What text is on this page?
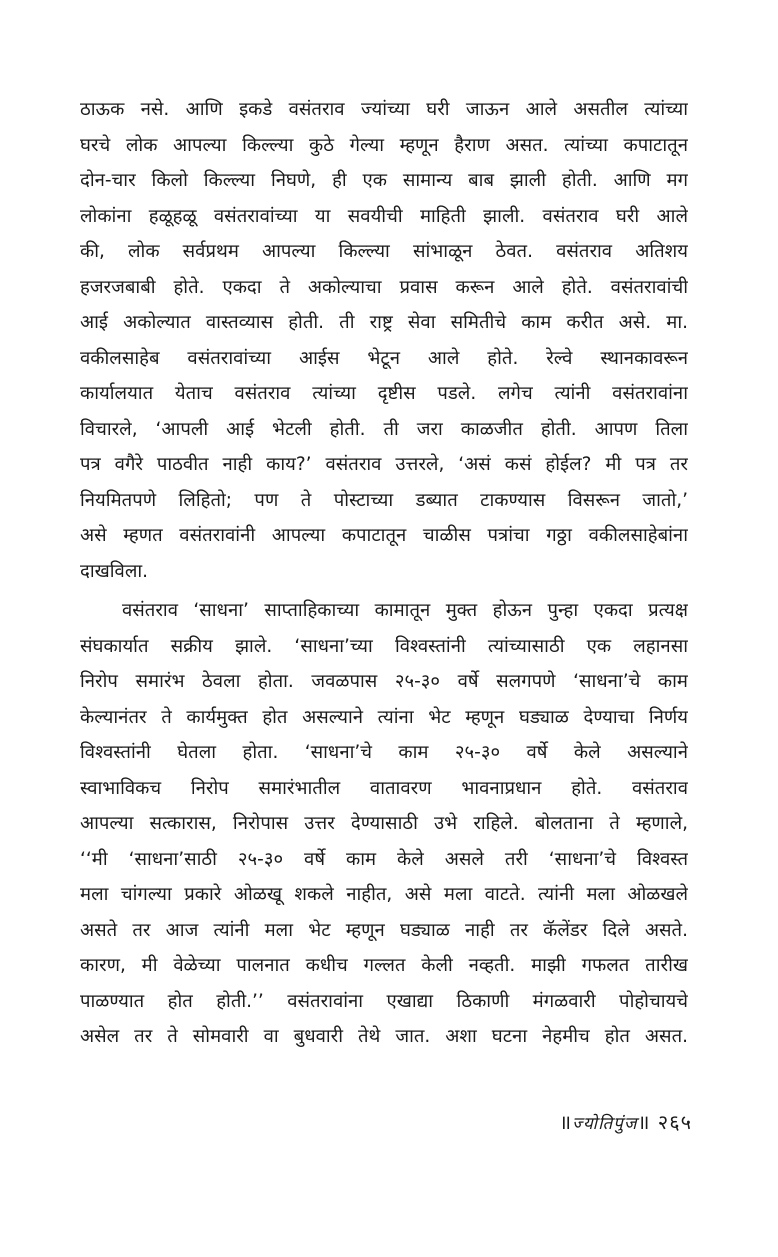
ठाऊक नसे. आणि इकडे वसंतराव ज्यांच्या घरी जाऊन आले असतील त्यांच्या

घरचे लोक आपल्या किल्ल्या कुठे गेल्या म्हणून हैराण असत. त्यांच्या कपाटातून

दोन-चार किलो किल्ल्या निघणे, ही एक सामान्य बाब झाली होती. आणि मग

लोकांना हळूहळू वसंतरावांच्या या सवयीची माहिती झाली. वसंतराव घरी आले

की, लोक सर्वप्रथम आपल्या किल्ल्या सांभाळून ठेवत. वसंतराव अतिशय

हजरजबाबी होते. एकदा ते अकोल्याचा प्रवास करून आले होते. वसंतरावांची

आई अकोल्यात वास्तव्यास होती. ती राष्ट्र सेवा समितीचे काम करीत असे. मा.

वकीलसाहेब वसंतरावांच्या आईस भेटून आले होते. रेल्वे स्थानकावरून

कार्यालयात येताच वसंतराव त्यांच्या दृष्टीस पडले. लगेच त्यांनी वसंतरावांना

विचारले, ‘आपली आई भेटली होती. ती जरा काळजीत होती. आपण तिला

पत्र वगैरे पाठवीत नाही काय?’ वसंतराव उत्तरले, ‘असं कसं होईल? मी पत्र तर

नियमितपणे लिहितो; पण ते पोस्टाच्या डब्यात टाकण्यास विसरून जातो,’

असे म्हणत वसंतरावांनी आपल्या कपाटातून चाळीस पत्रांचा गठ्ठा वकीलसाहेबांना

दाखविला.

वसंतराव ‘साधना’ साप्ताहिकाच्या कामातून मुक्त होऊन पुन्हा एकदा प्रत्यक्ष

संघकार्यात सक्रीय झाले. ‘साधना’च्या विश्वस्तांनी त्यांच्यासाठी एक लहानसा

निरोप समारंभ ठेवला होता. जवळपास २५-३० वर्षे सलगपणे ‘साधना’चे काम

केल्यानंतर ते कार्यमुक्त होत असल्याने त्यांना भेट म्हणून घड्याळ देण्याचा निर्णय

विश्वस्तांनी घेतला होता. ‘साधना’चे काम २५-३० वर्षे केले असल्याने

स्वाभाविकच निरोप समारंभातील वातावरण भावनाप्रधान होते. वसंतराव

आपल्या सत्कारास, निरोपास उत्तर देण्यासाठी उभे राहिले. बोलताना ते म्हणाले,

‘‘मी ‘साधना’साठी २५-३० वर्षे काम केले असले तरी ‘साधना’चे विश्वस्त

मला चांगल्या प्रकारे ओळखू शकले नाहीत, असे मला वाटते. त्यांनी मला ओळखले

असते तर आज त्यांनी मला भेट म्हणून घड्याळ नाही तर कॅलेंडर दिले असते.

कारण, मी वेळेच्या पालनात कधीच गल्लत केली नव्हती. माझी गफलत तारीख

पाळण्यात होत होती.’’ वसंतरावांना एखाद्या ठिकाणी मंगळवारी पोहोचायचे

असेल तर ते सोमवारी वा बुधवारी तेथे जात. अशा घटना नेहमीच होत असत.

॥ज्योतिपुंज॥ २६५
